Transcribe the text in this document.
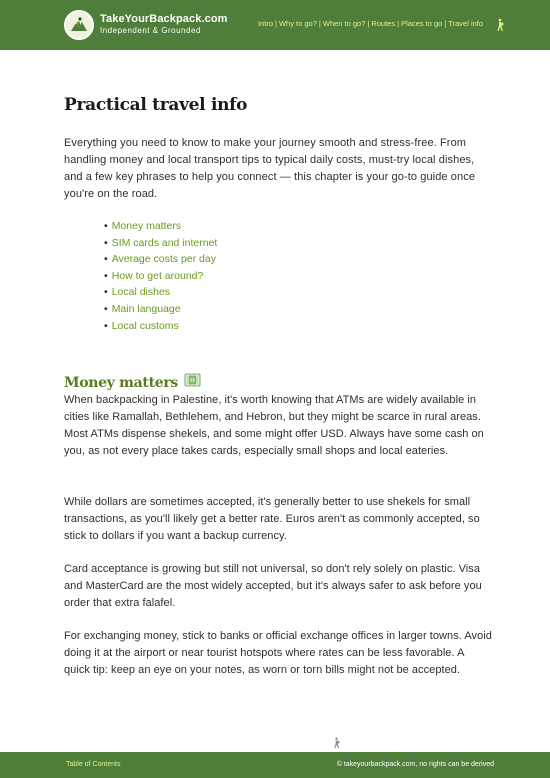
TakeYourBackpack.com
Independent & Grounded
Intro | Why to go? | When to go? | Routes | Places to go | Travel info
Practical travel info

Everything you need to know to make your journey smooth and stress-free. From handling money and local transport tips to typical daily costs, must-try local dishes, and a few key phrases to help you connect — this chapter is your go-to guide once you're on the road.

• Money matters
• SIM cards and internet
• Average costs per day
• How to get around?
• Local dishes
• Main language
• Local customs
Money matters	$

When backpacking in Palestine, it's worth knowing that ATMs are widely available in cities like Ramallah, Bethlehem, and Hebron, but they might be scarce in rural areas. Most ATMs dispense shekels, and some might offer USD. Always have some cash on you, as not every place takes cards, especially small shops and local eateries.

While dollars are sometimes accepted, it's generally better to use shekels for small transactions, as you'll likely get a better rate. Euros aren't as commonly accepted, so stick to dollars if you want a backup currency.

Card acceptance is growing but still not universal, so don't rely solely on plastic. Visa and MasterCard are the most widely accepted, but it's always safer to ask before you order that extra falafel.

For exchanging money, stick to banks or official exchange offices in larger towns. Avoid doing it at the airport or near tourist hotspots where rates can be less favorable. A quick tip: keep an eye on your notes, as worn or torn bills might not be accepted.

Table of Contents	© takeyourbackpack.com, no rights can be derived
